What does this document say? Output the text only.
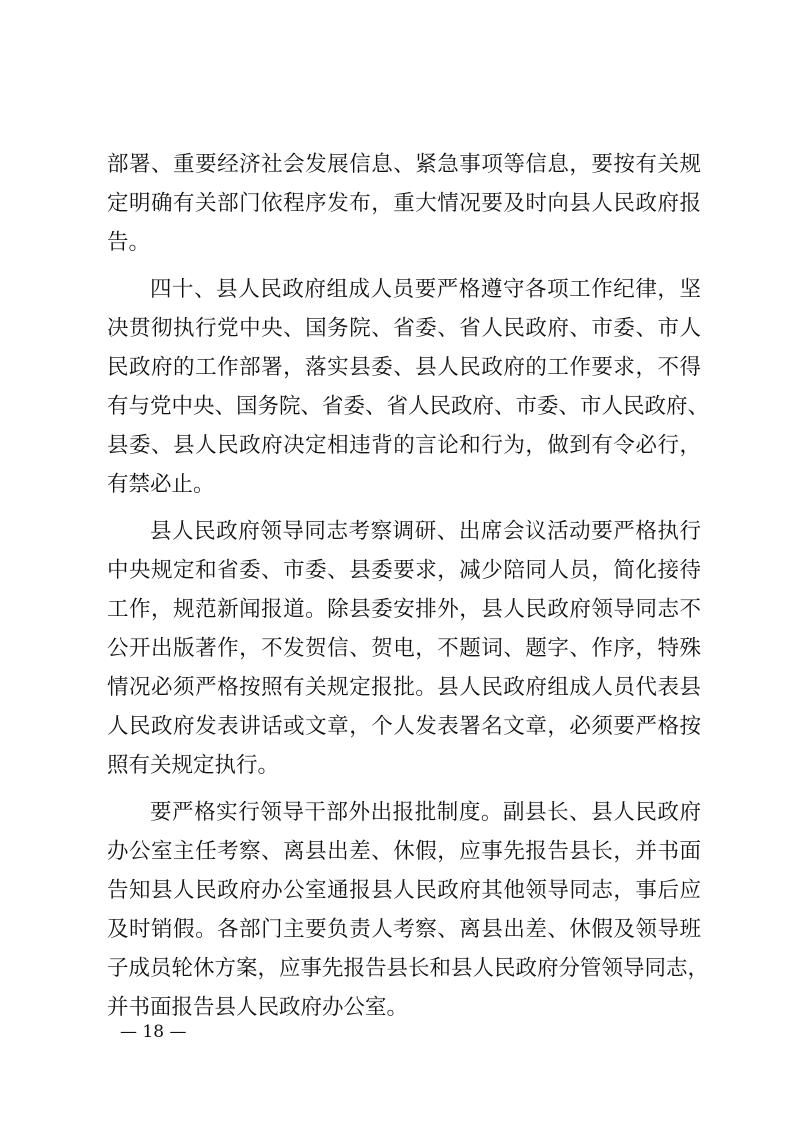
部署、重要经济社会发展信息、紧急事项等信息，要按有关规
定明确有关部门依程序发布，重大情况要及时向县人民政府报
告。
四十、县人民政府组成人员要严格遵守各项工作纪律，坚
决贯彻执行党中央、国务院、省委、省人民政府、市委、市人
民政府的工作部署，落实县委、县人民政府的工作要求，不得
有与党中央、国务院、省委、省人民政府、市委、市人民政府、
县委、县人民政府决定相违背的言论和行为，做到有令必行，
有禁必止。
县人民政府领导同志考察调研、出席会议活动要严格执行
中央规定和省委、市委、县委要求，减少陪同人员，简化接待
工作，规范新闻报道。除县委安排外，县人民政府领导同志不
公开出版著作，不发贺信、贺电，不题词、题字、作序，特殊
情况必须严格按照有关规定报批。县人民政府组成人员代表县
人民政府发表讲话或文章，个人发表署名文章，必须要严格按
照有关规定执行。
要严格实行领导干部外出报批制度。副县长、县人民政府
办公室主任考察、离县出差、休假，应事先报告县长，并书面
告知县人民政府办公室通报县人民政府其他领导同志，事后应
及时销假。各部门主要负责人考察、离县出差、休假及领导班
子成员轮休方案，应事先报告县长和县人民政府分管领导同志，
并书面报告县人民政府办公室。
— 18 —
